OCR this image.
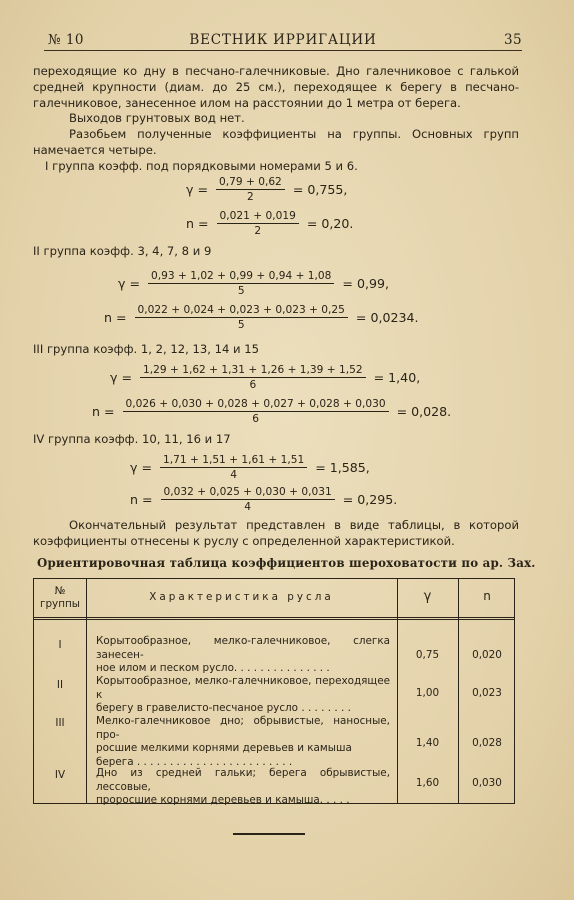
№ 10	ВЕСТНИК ИРРИГАЦИИ	35
переходящие ко дну в песчано-галечниковые. Дно галечниковое с галькой
средней крупности (диам. до 25 см.), переходящее к берегу в песчано-
галечниковое, занесенное илом на расстоянии до 1 метра от берега.
Выходов грунтовых вод нет.
Разобьем полученные коэффициенты на группы. Основных групп
намечается четыре.
I группа коэфф. под порядковыми номерами 5 и 6.
$\gamma = \frac{0,79 + 0,62}{2} = 0,755$,
$n = \frac{0,021 + 0,019}{2} = 0,20$.
II группа коэфф. 3, 4, 7, 8 и 9
$\gamma = \frac{0,93 + 1,02 + 0,99 + 0,94 + 1,08}{5} = 0,99$,
$n = \frac{0,022 + 0,024 + 0,023 + 0,023 + 0,25}{5} = 0,0234$.
III группа коэфф. 1, 2, 12, 13, 14 и 15
$\gamma = \frac{1,29 + 1,62 + 1,31 + 1,26 + 1,39 + 1,52}{6} = 1,40$,
$n = \frac{0,026 + 0,030 + 0,028 + 0,027 + 0,028 + 0,030}{6} = 0,028$.
IV группа коэфф. 10, 11, 16 и 17
$\gamma = \frac{1,71 + 1,51 + 1,61 + 1,51}{4} = 1,585$,
$n = \frac{0,032 + 0,025 + 0,030 + 0,031}{4} = 0,295$.
Окончательный результат представлен в виде таблицы, в которой
коэффициенты отнесены к руслу с определенной характеристикой.
Ориентировочная таблица коэффициентов шероховатости по ар. Зах.
№
группы
Характеристика русла	γ	n
I	Корытообразное, мелко-галечниковое, слегка занесен-
ное илом и песком русло. . . . . . . . . . . . . . .
0,75	0,020
II	Корытообразное, мелко-галечниковое, переходящее к
берегу в гравелисто-песчаное русло . . . . . . . .
1,00	0,023
III	Мелко-галечниковое дно; обрывистые, наносные, про-
росшие мелкими корнями деревьев и камыша
берега . . . . . . . . . . . . . . . . . . . . . . . .
1,40	0,028
IV	Дно из средней гальки; берега обрывистые, лессовые,
проросшие корнями деревьев и камыша. . . . .
1,60	0,030
